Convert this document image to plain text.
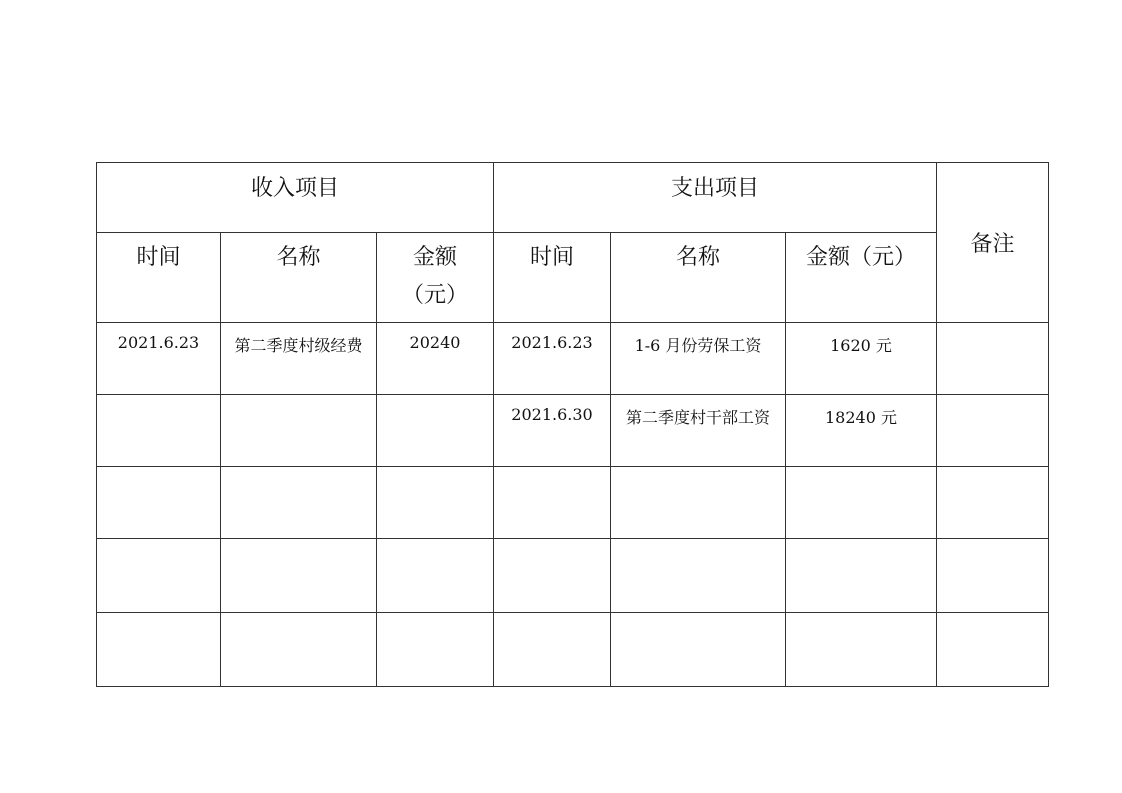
收入项目			支出项目			备注
时间	名称	金额（元）	时间	名称	金额（元）	
2021.6.23	第二季度村级经费	20240	2021.6.23	1-6 月份劳保工资	1620 元	
			2021.6.30	第二季度村干部工资	18240 元	
